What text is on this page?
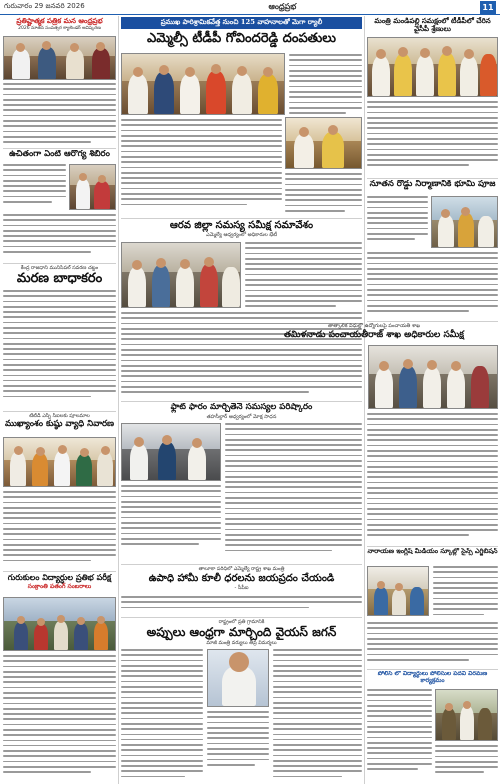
గురువారం 29 జనవరి 2026	ఆంధ్రప్రభ	11
ప్రతిష్టాత్మక పత్రిక మన ఆంధ్రప్రభ
2026 నూతన సంవత్సర క్యాలెండర్ ఆవిష్కరణ
ఉచితంగా ఏంటి ఆరోగ్య శిబిరం
కేంద్ర రాజధాని మునిసిపల్ సవరణ చట్టం
మరణ బాధాకరం
టీటీడీ ఎస్పీ సీఐలకు పూలమాల
ముఖ్యాంశం కుష్ఠు వ్యాధి నివారణ
గురుకులం విద్యార్ధుల ప్రతిభ పరీక్ష
సంక్రాంతి పతంగ్ సంబరాలు
ప్రముఖ పారిశ్రామికవేత్త నుంచి 125 వాహనాలతో మెగా ర్యాలీ
ఎమ్మెల్సీ టీడీపీ గోవిందరెడ్డి దంపతులు
ఆరవ జిల్లా సమస్య సమీక్ష సమావేశం
ఎమ్మెల్యే ఆధ్వర్యంలో అధికారుల భేటీ
ఫ్లాట్ ఫారం మార్చితేనే సమస్యల పరిష్కారం
తహసీల్దార్ ఆధ్వర్యంలో మోక్ష సాధన
తాలూకా పరిధిలో ఎమ్మెల్యే రాష్ట్ర శాఖ మంత్రి
ఉపాధి హామీ కూలీ ధరలను జయప్రదం చేయండి
- సీపీఐ
రాష్ట్రంలో ప్రతి గ్రామానికి
అప్పులు ఆంధ్రగా మార్చింది వైయస్ జగన్
మాజీ మంత్రి వర్యులు తీవ్ర విమర్శలు
మంత్రి మండిపల్లి సమక్షంలో టీడీపీలో చేరిన వైసీపీ శ్రేణులు
నూతన రోడ్డు నిర్మాణానికి భూమి పూజ
తాత్కాలిక విధుల్లో ఉద్యోగులపై పంచాయతీ శాఖ
తమిళనాడు పంచాయతీరాజ్ శాఖ అధికారుల సమీక్ష
నారాయణ ఇంగ్లీష్ మీడియం స్కూల్లో సైన్స్ ఎగ్జిబిషన్
పోలీస్ లో విద్యార్థులు పోలీసుల పదవీ విరమణ కార్యక్రమం
